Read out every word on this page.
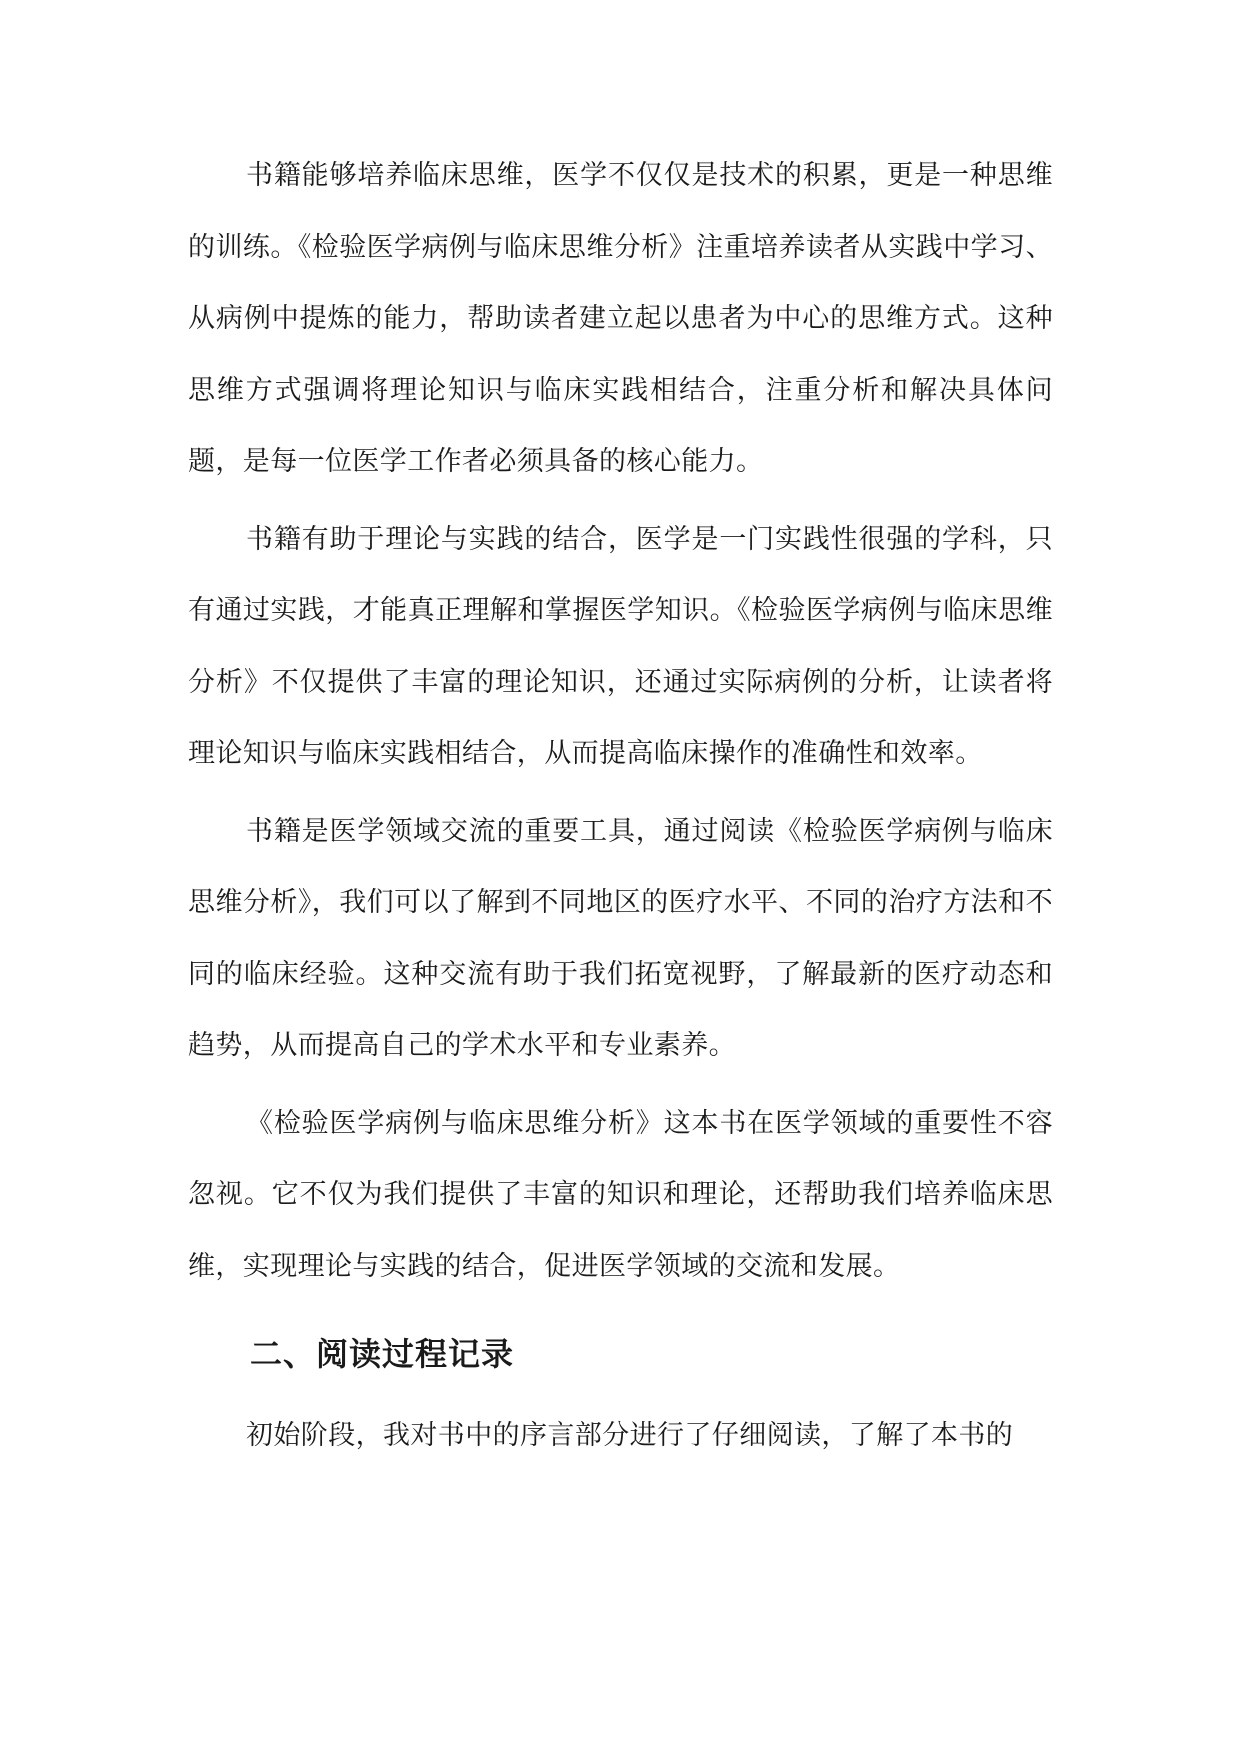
书籍能够培养临床思维，医学不仅仅是技术的积累，更是一种思维的训练。《检验医学病例与临床思维分析》注重培养读者从实践中学习、从病例中提炼的能力，帮助读者建立起以患者为中心的思维方式。这种思维方式强调将理论知识与临床实践相结合，注重分析和解决具体问题，是每一位医学工作者必须具备的核心能力。

书籍有助于理论与实践的结合，医学是一门实践性很强的学科，只有通过实践，才能真正理解和掌握医学知识。《检验医学病例与临床思维分析》不仅提供了丰富的理论知识，还通过实际病例的分析，让读者将理论知识与临床实践相结合，从而提高临床操作的准确性和效率。

书籍是医学领域交流的重要工具，通过阅读《检验医学病例与临床思维分析》，我们可以了解到不同地区的医疗水平、不同的治疗方法和不同的临床经验。这种交流有助于我们拓宽视野，了解最新的医疗动态和趋势，从而提高自己的学术水平和专业素养。

《检验医学病例与临床思维分析》这本书在医学领域的重要性不容忽视。它不仅为我们提供了丰富的知识和理论，还帮助我们培养临床思维，实现理论与实践的结合，促进医学领域的交流和发展。

二、阅读过程记录

初始阶段，我对书中的序言部分进行了仔细阅读，了解了本书的
